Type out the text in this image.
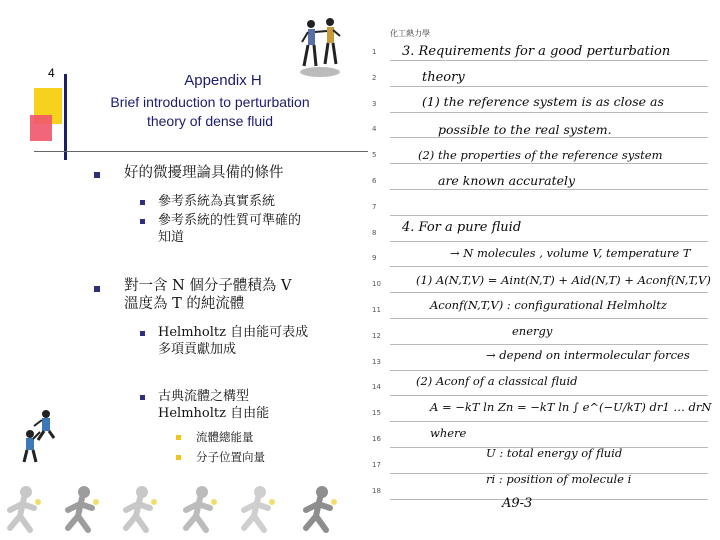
4	Appendix H
Brief introduction to perturbation
theory of dense fluid
好的微擾理論具備的條件
參考系統為真實系統
參考系統的性質可準確的
知道
對一含 N 個分子體積為 V
溫度為 T 的純流體
Helmholtz 自由能可表成
多項貢獻加成
古典流體之構型
Helmholtz 自由能
流體總能量
分子位置向量
化工熱力學
1
2
3
4
5
6
7
8
9
10
11
12
13
14
15
16
17
18
3. Requirements for a good perturbation
theory
(1) the reference system is as close as
possible to the real system.
(2) the properties of the reference system
are known accurately
4. For a pure fluid
→ N molecules , volume V, temperature T
(1) A(N,T,V) = Aint(N,T) + Aid(N,T) + Aconf(N,T,V)
Aconf(N,T,V) : configurational Helmholtz
energy
→ depend on intermolecular forces
(2) Aconf of a classical fluid
A = −kT ln Zn = −kT ln ∫ e^(−U/kT) dr1 … drN
where
U : total energy of fluid
ri : position of molecule i
A9-3
